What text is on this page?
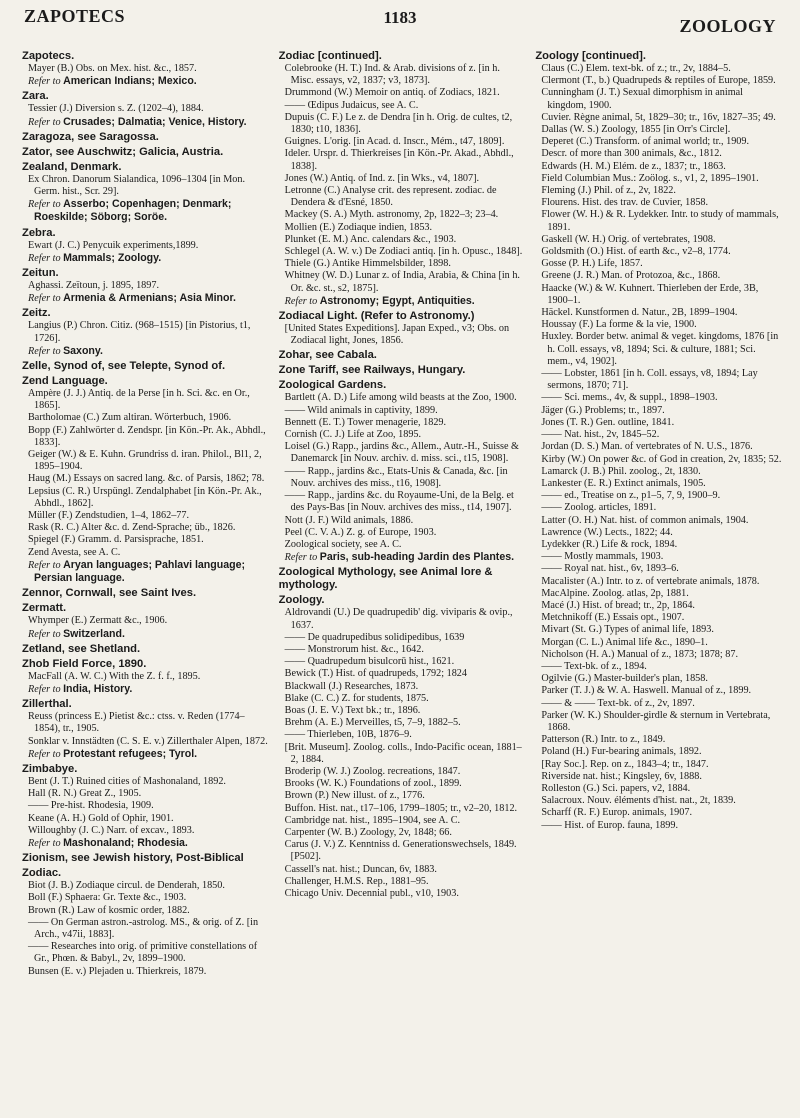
ZAPOTECS	1183	ZOOLOGY
Zapotecs.
Mayer (B.) Obs. on Mex. hist. &c., 1857.
Refer to American Indians; Mexico.
Zara.
Tessier (J.) Diversion s. Z. (1202–4), 1884.
Refer to Crusades; Dalmatia; Venice, History.
Zaragoza, see Saragossa.
Zator, see Auschwitz; Galicia, Austria.
Zealand, Denmark.
Ex Chron. Danorum Sialandica, 1096–1304 [in Mon. Germ. hist., Scr. 29].
Refer to Asserbo; Copenhagen; Denmark; Roeskilde; Söborg; Soröe.
Zebra.
Ewart (J. C.) Penycuik experiments,1899.
Refer to Mammals; Zoology.
Zeitun.
Aghassi. Zeïtoun, j. 1895, 1897.
Refer to Armenia & Armenians; Asia Minor.
Zeitz.
Langius (P.) Chron. Citiz. (968–1515) [in Pistorius, t1, 1726].
Refer to Saxony.
Zelle, Synod of, see Telepte, Synod of.
Zend Language.
Ampère (J. J.) Antiq. de la Perse [in h. Sci. &c. en Or., 1865].
Bartholomae (C.) Zum altiran. Wörterbuch, 1906.
Bopp (F.) Zahlwörter d. Zendspr. [in Kön.-Pr. Ak., Abhdl., 1833].
Geiger (W.) & E. Kuhn. Grundriss d. iran. Philol., Bl1, 2, 1895–1904.
Haug (M.) Essays on sacred lang. &c. of Parsis, 1862; 78.
Lepsius (C. R.) Urspüngl. Zendalphabet [in Kön.-Pr. Ak., Abhdl., 1862].
Müller (F.) Zendstudien, 1–4, 1862–77.
Rask (R. C.) Alter &c. d. Zend-Sprache; üb., 1826.
Spiegel (F.) Gramm. d. Parsisprache, 1851.
Zend Avesta, see A. C.
Refer to Aryan languages; Pahlavi language; Persian language.
Zennor, Cornwall, see Saint Ives.
Zermatt.
Whymper (E.) Zermatt &c., 1906.
Refer to Switzerland.
Zetland, see Shetland.
Zhob Field Force, 1890.
MacFall (A. W. C.) With the Z. f. f., 1895.
Refer to India, History.
Zillerthal.
Reuss (princess E.) Pietist &c.: ctss. v. Reden (1774–1854), tr., 1905.
Sonklar v. Innstädten (C. S. E. v.) Zillerthaler Alpen, 1872.
Refer to Protestant refugees; Tyrol.
Zimbabye.
Bent (J. T.) Ruined cities of Mashonaland, 1892.
Hall (R. N.) Great Z., 1905.
—— Pre-hist. Rhodesia, 1909.
Keane (A. H.) Gold of Ophir, 1901.
Willoughby (J. C.) Narr. of excav., 1893.
Refer to Mashonaland; Rhodesia.
Zionism, see Jewish history, Post-Biblical
Zodiac.
Biot (J. B.) Zodiaque circul. de Denderah, 1850.
Boll (F.) Sphaera: Gr. Texte &c., 1903.
Brown (R.) Law of kosmic order, 1882.
—— On German astron.-astrolog. MS., & orig. of Z. [in Arch., v47ii, 1883].
—— Researches into orig. of primitive constellations of Gr., Phœn. & Babyl., 2v, 1899–1900.
Bunsen (E. v.) Plejaden u. Thierkreis, 1879.
Zodiac [continued].
Colebrooke (H. T.) Ind. & Arab. divisions of z. [in h. Misc. essays, v2, 1837; v3, 1873].
Drummond (W.) Memoir on antiq. of Zodiacs, 1821.
—— Œdipus Judaicus, see A. C.
Dupuis (C. F.) Le z. de Dendra [in h. Orig. de cultes, t2, 1830; t10, 1836].
Guignes. L'orig. [in Acad. d. Inscr., Mém., t47, 1809].
Ideler. Urspr. d. Thierkreises [in Kön.-Pr. Akad., Abhdl., 1838].
Jones (W.) Antiq. of Ind. z. [in Wks., v4, 1807].
Letronne (C.) Analyse crit. des represent. zodiac. de Dendera & d'Esné, 1850.
Mackey (S. A.) Myth. astronomy, 2p, 1822–3; 23–4.
Mollien (E.) Zodiaque indien, 1853.
Plunket (E. M.) Anc. calendars &c., 1903.
Schlegel (A. W. v.) De Zodiaci antiq. [in h. Opusc., 1848].
Thiele (G.) Antike Himmelsbilder, 1898.
Whitney (W. D.) Lunar z. of India, Arabia, & China [in h. Or. &c. st., s2, 1875].
Refer to Astronomy; Egypt, Antiquities.
Zodiacal Light. (Refer to Astronomy.)
[United States Expeditions]. Japan Exped., v3; Obs. on Zodiacal light, Jones, 1856.
Zohar, see Cabala.
Zone Tariff, see Railways, Hungary.
Zoological Gardens.
Bartlett (A. D.) Life among wild beasts at the Zoo, 1900.
—— Wild animals in captivity, 1899.
Bennett (E. T.) Tower menagerie, 1829.
Cornish (C. J.) Life at Zoo, 1895.
Loisel (G.) Rapp., jardins &c., Allem., Autr.-H., Suisse & Danemarck [in Nouv. archiv. d. miss. sci., t15, 1908].
—— Rapp., jardins &c., Etats-Unis & Canada, &c. [in Nouv. archives des miss., t16, 1908].
—— Rapp., jardins &c. du Royaume-Uni, de la Belg. et des Pays-Bas [in Nouv. archives des miss., t14, 1907].
Nott (J. F.) Wild animals, 1886.
Peel (C. V. A.) Z. g. of Europe, 1903.
Zoological society, see A. C.
Refer to Paris, sub-heading Jardin des Plantes.
Zoological Mythology, see Animal lore & mythology.
Zoology.
Aldrovandi (U.) De quadrupedib' dig. viviparis & ovip., 1637.
—— De quadrupedibus solidipedibus, 1639
—— Monstrorum hist. &c., 1642.
—— Quadrupedum bisulcorū hist., 1621.
Bewick (T.) Hist. of quadrupeds, 1792; 1824
Blackwall (J.) Researches, 1873.
Blake (C. C.) Z. for students, 1875.
Boas (J. E. V.) Text bk.; tr., 1896.
Brehm (A. E.) Merveilles, t5, 7–9, 1882–5.
—— Thierleben, 10B, 1876–9.
[Brit. Museum]. Zoolog. colls., Indo-Pacific ocean, 1881–2, 1884.
Broderip (W. J.) Zoolog. recreations, 1847.
Brooks (W. K.) Foundations of zool., 1899.
Brown (P.) New illust. of z., 1776.
Buffon. Hist. nat., t17–106, 1799–1805; tr., v2–20, 1812.
Cambridge nat. hist., 1895–1904, see A. C.
Carpenter (W. B.) Zoology, 2v, 1848; 66.
Carus (J. V.) Z. Kenntniss d. Generationswechsels, 1849. [P502].
Cassell's nat. hist.; Duncan, 6v, 1883.
Challenger, H.M.S. Rep., 1881–95.
Chicago Univ. Decennial publ., v10, 1903.
Zoology [continued].
Claus (C.) Elem. text-bk. of z.; tr., 2v, 1884–5.
Clermont (T., b.) Quadrupeds & reptiles of Europe, 1859.
Cunningham (J. T.) Sexual dimorphism in animal kingdom, 1900.
Cuvier. Règne animal, 5t, 1829–30; tr., 16v, 1827–35; 49.
Dallas (W. S.) Zoology, 1855 [in Orr's Circle].
Deperet (C.) Transform. of animal world; tr., 1909.
Descr. of more than 300 animals, &c., 1812.
Edwards (H. M.) Elém. de z., 1837; tr., 1863.
Field Columbian Mus.: Zoölog. s., v1, 2, 1895–1901.
Fleming (J.) Phil. of z., 2v, 1822.
Flourens. Hist. des trav. de Cuvier, 1858.
Flower (W. H.) & R. Lydekker. Intr. to study of mammals, 1891.
Gaskell (W. H.) Orig. of vertebrates, 1908.
Goldsmith (O.) Hist. of earth &c., v2–8, 1774.
Gosse (P. H.) Life, 1857.
Greene (J. R.) Man. of Protozoa, &c., 1868.
Haacke (W.) & W. Kuhnert. Thierleben der Erde, 3B, 1900–1.
Häckel. Kunstformen d. Natur., 2B, 1899–1904.
Houssay (F.) La forme & la vie, 1900.
Huxley. Border betw. animal & veget. kingdoms, 1876 [in h. Coll. essays, v8, 1894; Sci. & culture, 1881; Sci. mem., v4, 1902].
—— Lobster, 1861 [in h. Coll. essays, v8, 1894; Lay sermons, 1870; 71].
—— Sci. mems., 4v, & suppl., 1898–1903.
Jäger (G.) Problems; tr., 1897.
Jones (T. R.) Gen. outline, 1841.
—— Nat. hist., 2v, 1845–52.
Jordan (D. S.) Man. of vertebrates of N. U.S., 1876.
Kirby (W.) On power &c. of God in creation, 2v, 1835; 52.
Lamarck (J. B.) Phil. zoolog., 2t, 1830.
Lankester (E. R.) Extinct animals, 1905.
—— ed., Treatise on z., p1–5, 7, 9, 1900–9.
—— Zoolog. articles, 1891.
Latter (O. H.) Nat. hist. of common animals, 1904.
Lawrence (W.) Lects., 1822; 44.
Lydekker (R.) Life & rock, 1894.
—— Mostly mammals, 1903.
—— Royal nat. hist., 6v, 1893–6.
Macalister (A.) Intr. to z. of vertebrate animals, 1878.
MacAlpine. Zoolog. atlas, 2p, 1881.
Macé (J.) Hist. of bread; tr., 2p, 1864.
Metchnikoff (E.) Essais opt., 1907.
Mivart (St. G.) Types of animal life, 1893.
Morgan (C. L.) Animal life &c., 1890–1.
Nicholson (H. A.) Manual of z., 1873; 1878; 87.
—— Text-bk. of z., 1894.
Ogilvie (G.) Master-builder's plan, 1858.
Parker (T. J.) & W. A. Haswell. Manual of z., 1899.
—— & —— Text-bk. of z., 2v, 1897.
Parker (W. K.) Shoulder-girdle & sternum in Vertebrata, 1868.
Patterson (R.) Intr. to z., 1849.
Poland (H.) Fur-bearing animals, 1892.
[Ray Soc.]. Rep. on z., 1843–4; tr., 1847.
Riverside nat. hist.; Kingsley, 6v, 1888.
Rolleston (G.) Sci. papers, v2, 1884.
Salacroux. Nouv. éléments d'hist. nat., 2t, 1839.
Scharff (R. F.) Europ. animals, 1907.
—— Hist. of Europ. fauna, 1899.
